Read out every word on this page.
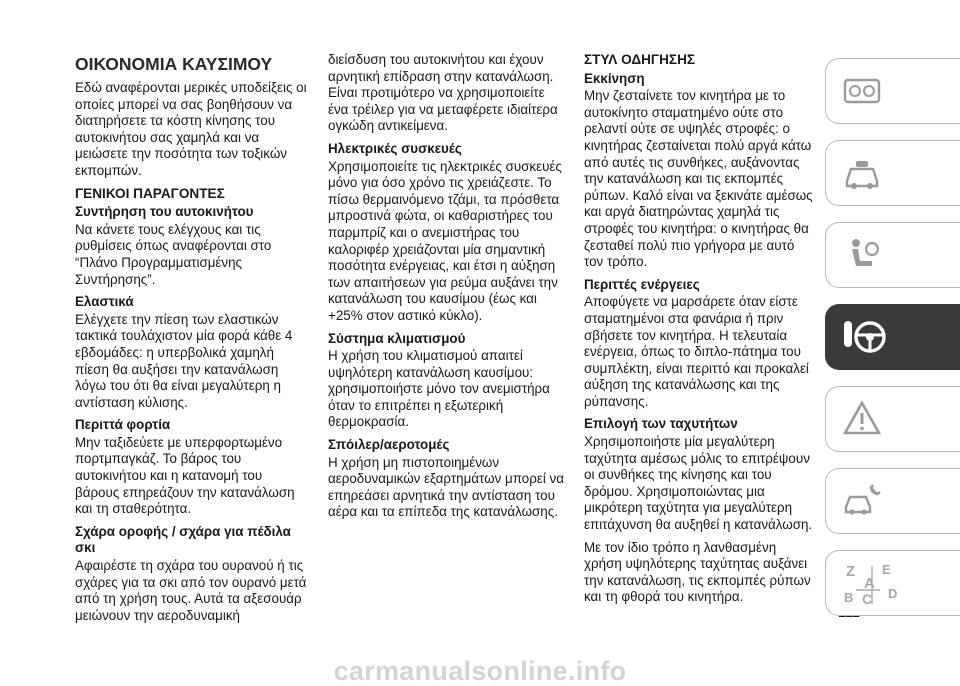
ΟΙΚΟΝΟΜΙΑ ΚΑΥΣΙΜΟΥ

Εδώ αναφέρονται μερικές υποδείξεις οι οποίες μπορεί να σας βοηθήσουν να διατηρήσετε τα κόστη κίνησης του αυτοκινήτου σας χαμηλά και να μειώσετε την ποσότητα των τοξικών εκπομπών.

ΓΕΝΙΚΟΙ ΠΑΡΑΓΟΝΤΕΣ
Συντήρηση του αυτοκινήτου

Να κάνετε τους ελέγχους και τις ρυθμίσεις όπως αναφέρονται στο “Πλάνο Προγραμματισμένης Συντήρησης”.

Ελαστικά

Ελέγχετε την πίεση των ελαστικών τακτικά τουλάχιστον μία φορά κάθε 4 εβδομάδες: η υπερβολικά χαμηλή πίεση θα αυξήσει την κατανάλωση λόγω του ότι θα είναι μεγαλύτερη η αντίσταση κύλισης.

Περιττά φορτία

Μην ταξιδεύετε με υπερφορτωμένο πορτμπαγκάζ. Το βάρος του αυτοκινήτου και η κατανομή του βάρους επηρεάζουν την κατανάλωση και τη σταθερότητα.

Σχάρα οροφής / σχάρα για πέδιλα σκι

Αφαιρέστε τη σχάρα του ουρανού ή τις σχάρες για τα σκι από τον ουρανό μετά από τη χρήση τους. Αυτά τα αξεσουάρ μειώνουν την αεροδυναμική

διείσδυση του αυτοκινήτου και έχουν αρνητική επίδραση στην κατανάλωση. Είναι προτιμότερο να χρησιμοποιείτε ένα τρέιλερ για να μεταφέρετε ιδιαίτερα ογκώδη αντικείμενα.

Ηλεκτρικές συσκευές

Χρησιμοποιείτε τις ηλεκτρικές συσκευές μόνο για όσο χρόνο τις χρειάζεστε. Το πίσω θερμαινόμενο τζάμι, τα πρόσθετα μπροστινά φώτα, οι καθαριστήρες του παρμπρίζ και ο ανεμιστήρας του καλοριφέρ χρειάζονται μία σημαντική ποσότητα ενέργειας, και έτσι η αύξηση των απαιτήσεων για ρεύμα αυξάνει την κατανάλωση του καυσίμου (έως και +25% στον αστικό κύκλο).

Σύστημα κλιματισμού

Η χρήση του κλιματισμού απαιτεί υψηλότερη κατανάλωση καυσίμου: χρησιμοποιήστε μόνο τον ανεμιστήρα όταν το επιτρέπει η εξωτερική θερμοκρασία.

Σπόιλερ/αεροτομές

Η χρήση μη πιστοποιημένων αεροδυναμικών εξαρτημάτων μπορεί να επηρεάσει αρνητικά την αντίσταση του αέρα και τα επίπεδα της κατανάλωσης.

ΣΤΥΛ ΟΔΗΓΗΣΗΣ
Εκκίνηση

Μην ζεσταίνετε τον κινητήρα με το αυτοκίνητο σταματημένο ούτε στο ρελαντί ούτε σε υψηλές στροφές: ο κινητήρας ζεσταίνεται πολύ αργά κάτω από αυτές τις συνθήκες, αυξάνοντας την κατανάλωση και τις εκπομπές ρύπων. Καλό είναι να ξεκινάτε αμέσως και αργά διατηρώντας χαμηλά τις στροφές του κινητήρα: ο κινητήρας θα ζεσταθεί πολύ πιο γρήγορα με αυτό τον τρόπο.

Περιττές ενέργειες

Αποφύγετε να μαρσάρετε όταν είστε σταματημένοι στα φανάρια ή πριν σβήσετε τον κινητήρα. Η τελευταία ενέργεια, όπως το διπλο-πάτημα του συμπλέκτη, είναι περιττό και προκαλεί αύξηση της κατανάλωσης και της ρύπανσης.

Επιλογή των ταχυτήτων

Χρησιμοποιήστε μία μεγαλύτερη ταχύτητα αμέσως μόλις το επιτρέψουν οι συνθήκες της κίνησης και του δρόμου. Χρησιμοποιώντας μια μικρότερη ταχύτητα για μεγαλύτερη επιτάχυνση θα αυξηθεί η κατανάλωση.

Με τον ίδιο τρόπο η λανθασμένη χρήση υψηλότερης ταχύτητας αυξάνει την κατανάλωση, τις εκπομπές ρύπων και τη φθορά του κινητήρα.

Z E
A
B C D
carmanualsonline.info
